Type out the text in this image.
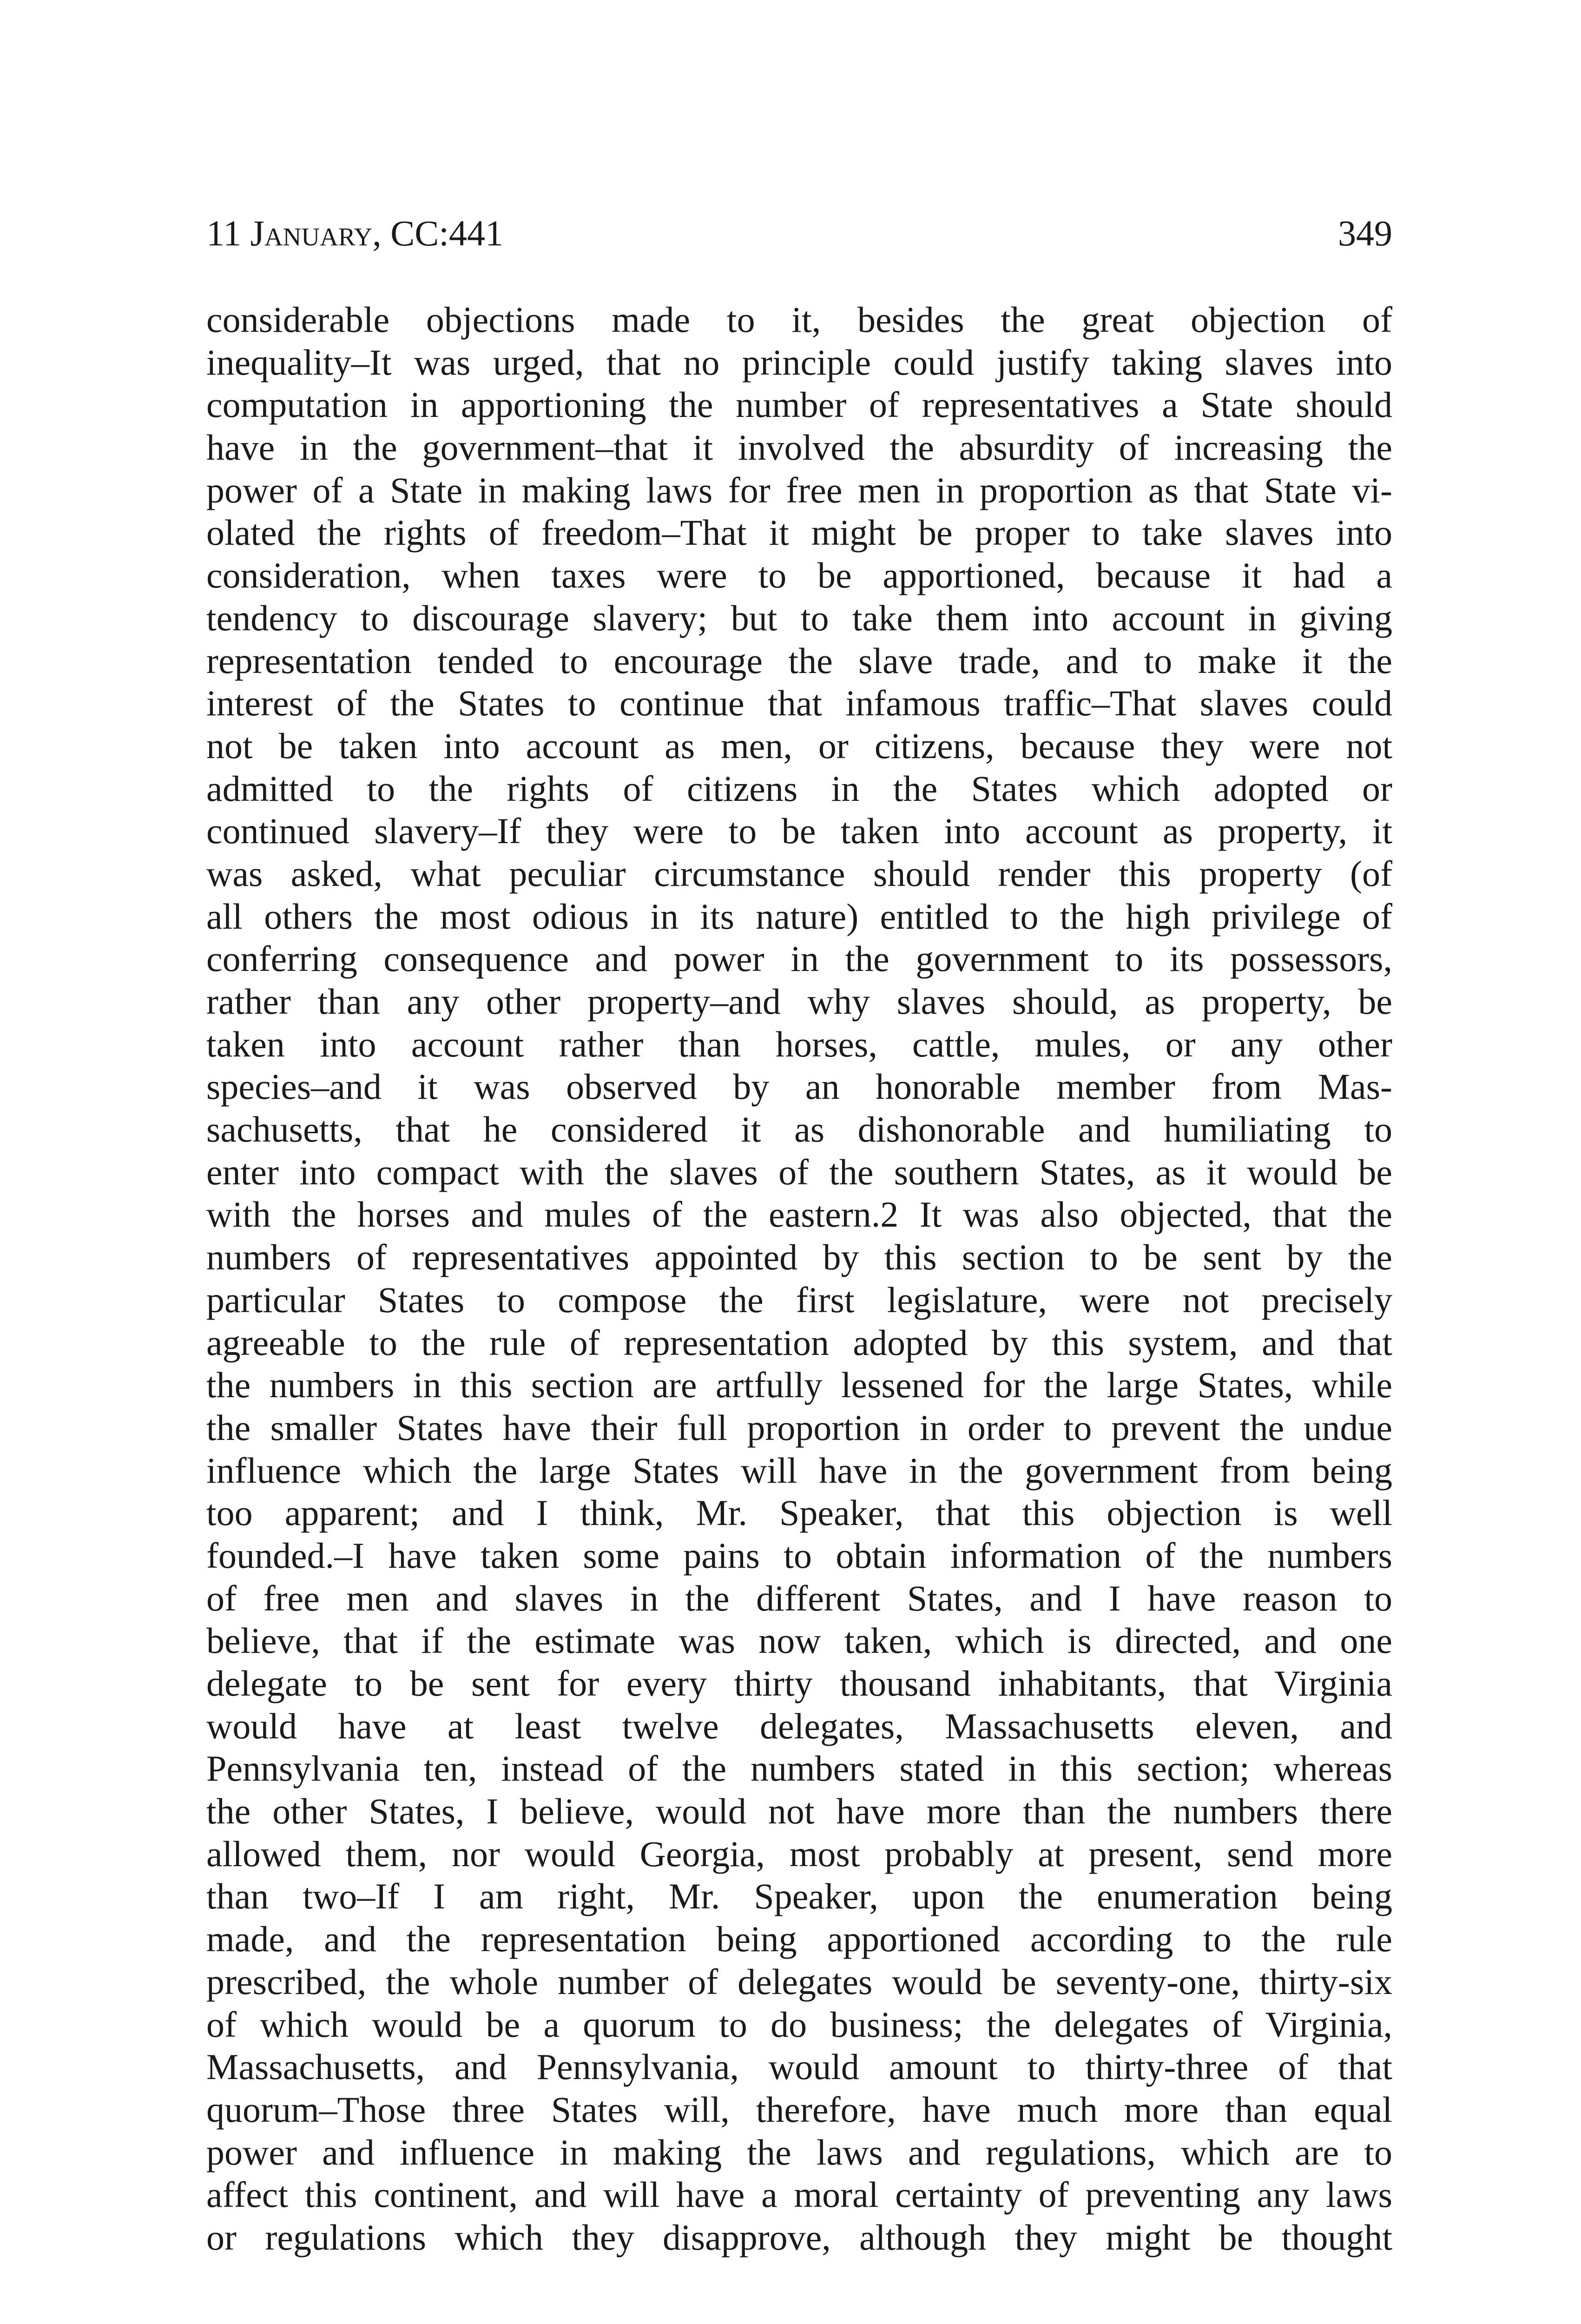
11 January, CC:441	349
considerable objections made to it, besides the great objection of
inequality–It was urged, that no principle could justify taking slaves into
computation in apportioning the number of representatives a State should
have in the government–that it involved the absurdity of increasing the
power of a State in making laws for free men in proportion as that State vi-
olated the rights of freedom–That it might be proper to take slaves into
consideration, when taxes were to be apportioned, because it had a
tendency to discourage slavery; but to take them into account in giving
representation tended to encourage the slave trade, and to make it the
interest of the States to continue that infamous traffic–That slaves could
not be taken into account as men, or citizens, because they were not
admitted to the rights of citizens in the States which adopted or
continued slavery–If they were to be taken into account as property, it
was asked, what peculiar circumstance should render this property (of
all others the most odious in its nature) entitled to the high privilege of
conferring consequence and power in the government to its possessors,
rather than any other property–and why slaves should, as property, be
taken into account rather than horses, cattle, mules, or any other
species–and it was observed by an honorable member from Mas-
sachusetts, that he considered it as dishonorable and humiliating to
enter into compact with the slaves of the southern States, as it would be
with the horses and mules of the eastern.2 It was also objected, that the
numbers of representatives appointed by this section to be sent by the
particular States to compose the first legislature, were not precisely
agreeable to the rule of representation adopted by this system, and that
the numbers in this section are artfully lessened for the large States, while
the smaller States have their full proportion in order to prevent the undue
influence which the large States will have in the government from being
too apparent; and I think, Mr. Speaker, that this objection is well
founded.–I have taken some pains to obtain information of the numbers
of free men and slaves in the different States, and I have reason to
believe, that if the estimate was now taken, which is directed, and one
delegate to be sent for every thirty thousand inhabitants, that Virginia
would have at least twelve delegates, Massachusetts eleven, and
Pennsylvania ten, instead of the numbers stated in this section; whereas
the other States, I believe, would not have more than the numbers there
allowed them, nor would Georgia, most probably at present, send more
than two–If I am right, Mr. Speaker, upon the enumeration being
made, and the representation being apportioned according to the rule
prescribed, the whole number of delegates would be seventy-one, thirty-six
of which would be a quorum to do business; the delegates of Virginia,
Massachusetts, and Pennsylvania, would amount to thirty-three of that
quorum–Those three States will, therefore, have much more than equal
power and influence in making the laws and regulations, which are to
affect this continent, and will have a moral certainty of preventing any laws
or regulations which they disapprove, although they might be thought
